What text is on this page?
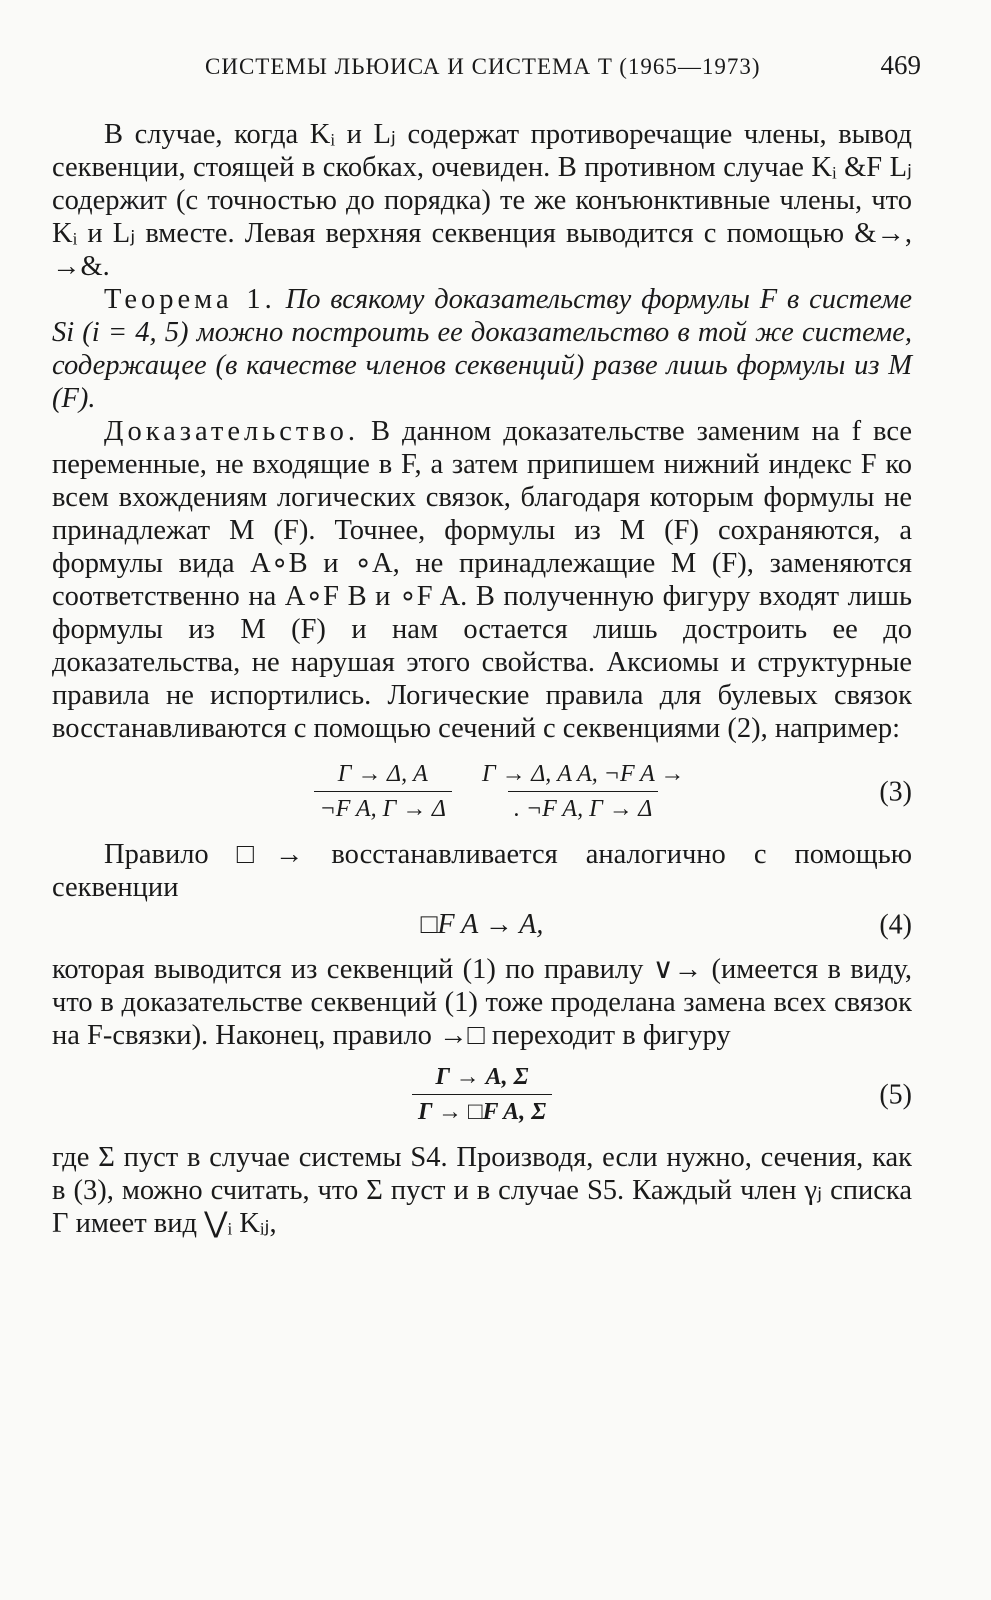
СИСТЕМЫ ЛЬЮИСА И СИСТЕМА T (1965—1973)	469

В случае, когда Kᵢ и Lⱼ содержат противоречащие члены, вывод секвенции, стоящей в скобках, очевиден. В противном случае Kᵢ &F Lⱼ содержит (с точностью до порядка) те же конъюнктивные члены, что Kᵢ и Lⱼ вместе. Левая верхняя секвенция выводится с помощью &→, →&.

Теорема 1. По всякому доказательству формулы F в системе Si (i = 4, 5) можно построить ее доказательство в той же системе, содержащее (в качестве членов секвенций) разве лишь формулы из M (F).

Доказательство. В данном доказательстве заменим на f все переменные, не входящие в F, а затем припишем нижний индекс F ко всем вхождениям логических связок, благодаря которым формулы не принадлежат M (F). Точнее, формулы из M (F) сохраняются, а формулы вида A∘B и ∘A, не принадлежащие M (F), заменяются соответственно на A∘F B и ∘F A. В полученную фигуру входят лишь формулы из M (F) и нам остается лишь достроить ее до доказательства, не нарушая этого свойства. Аксиомы и структурные правила не испортились. Логические правила для булевых связок восстанавливаются с помощью сечений с секвенциями (2), например:

$\frac{\Gamma \to \Delta, A}{\text{¬F A, Γ → Δ}} \frac{\text{Γ → Δ, A A, ¬F A →}}{\text{. ¬F A, Γ → Δ}}$	(3)

Правило □→ восстанавливается аналогично с помощью секвенции

□F A → A,	(4)

которая выводится из секвенций (1) по правилу ∨→ (имеется в виду, что в доказательстве секвенций (1) тоже проделана замена всех связок на F-связки). Наконец, правило →□ переходит в фигуру

$\frac{\Gamma \to A, \Sigma}{\text{Γ → □F A, Σ}}$	(5)

где Σ пуст в случае системы S4. Производя, если нужно, сечения, как в (3), можно считать, что Σ пуст и в случае S5. Каждый член γⱼ списка Γ имеет вид ⋁ᵢ Kᵢⱼ,
